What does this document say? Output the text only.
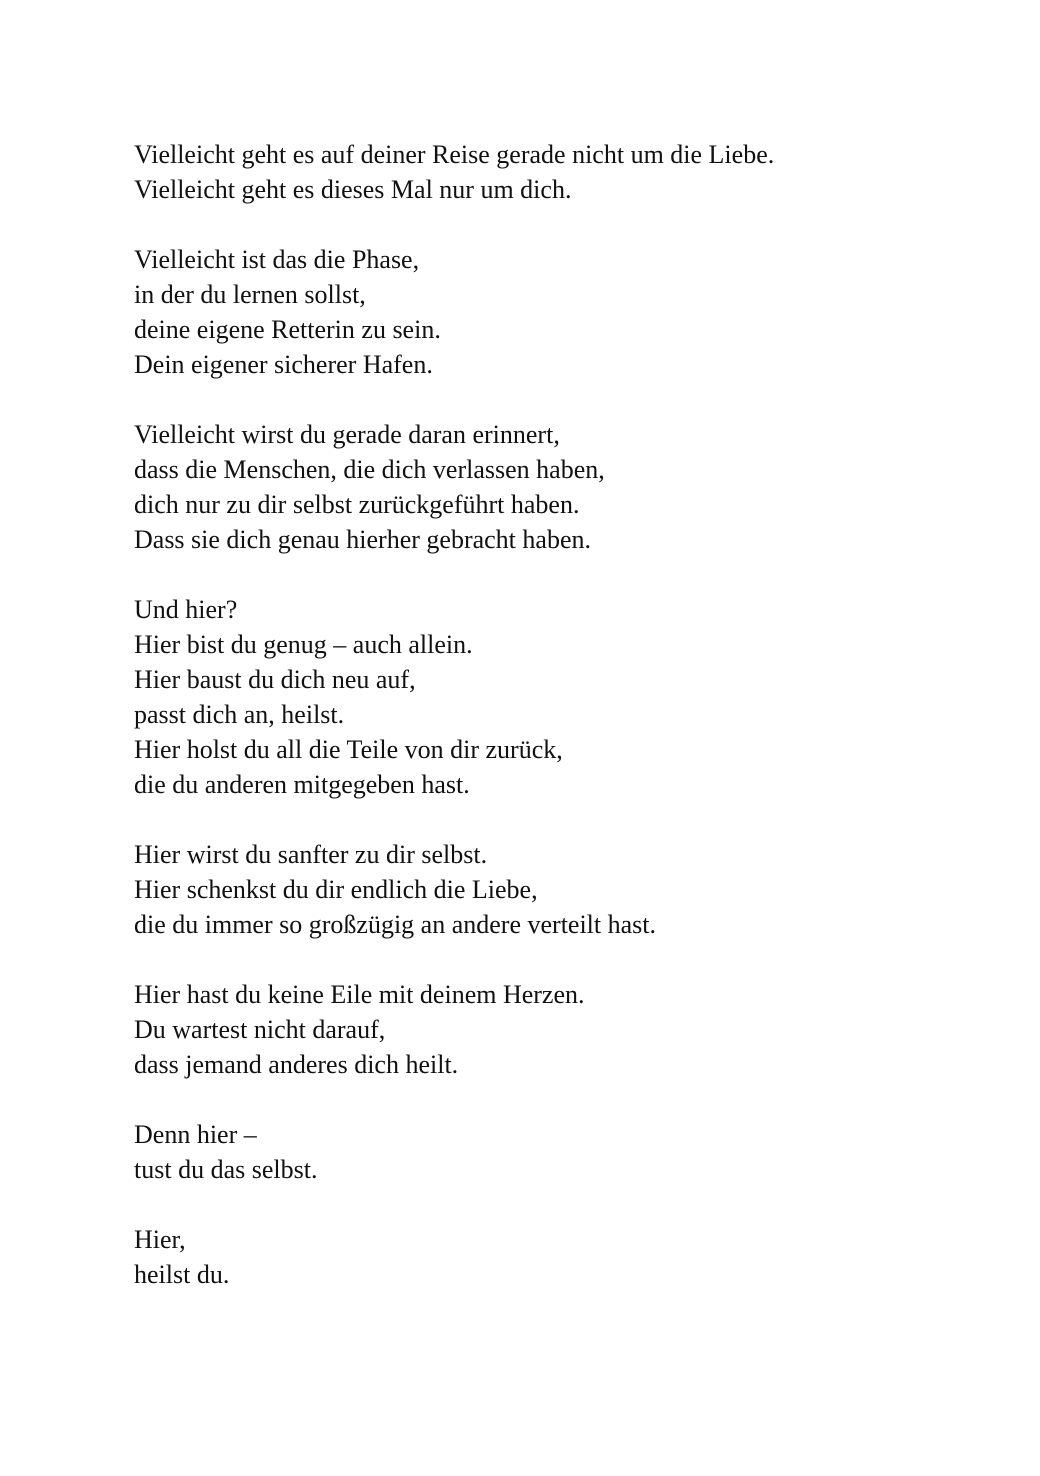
Vielleicht geht es auf deiner Reise gerade nicht um die Liebe.
Vielleicht geht es dieses Mal nur um dich.
Vielleicht ist das die Phase,
in der du lernen sollst,
deine eigene Retterin zu sein.
Dein eigener sicherer Hafen.
Vielleicht wirst du gerade daran erinnert,
dass die Menschen, die dich verlassen haben,
dich nur zu dir selbst zurückgeführt haben.
Dass sie dich genau hierher gebracht haben.
Und hier?
Hier bist du genug – auch allein.
Hier baust du dich neu auf,
passt dich an, heilst.
Hier holst du all die Teile von dir zurück,
die du anderen mitgegeben hast.
Hier wirst du sanfter zu dir selbst.
Hier schenkst du dir endlich die Liebe,
die du immer so großzügig an andere verteilt hast.
Hier hast du keine Eile mit deinem Herzen.
Du wartest nicht darauf,
dass jemand anderes dich heilt.
Denn hier –
tust du das selbst.
Hier,
heilst du.
